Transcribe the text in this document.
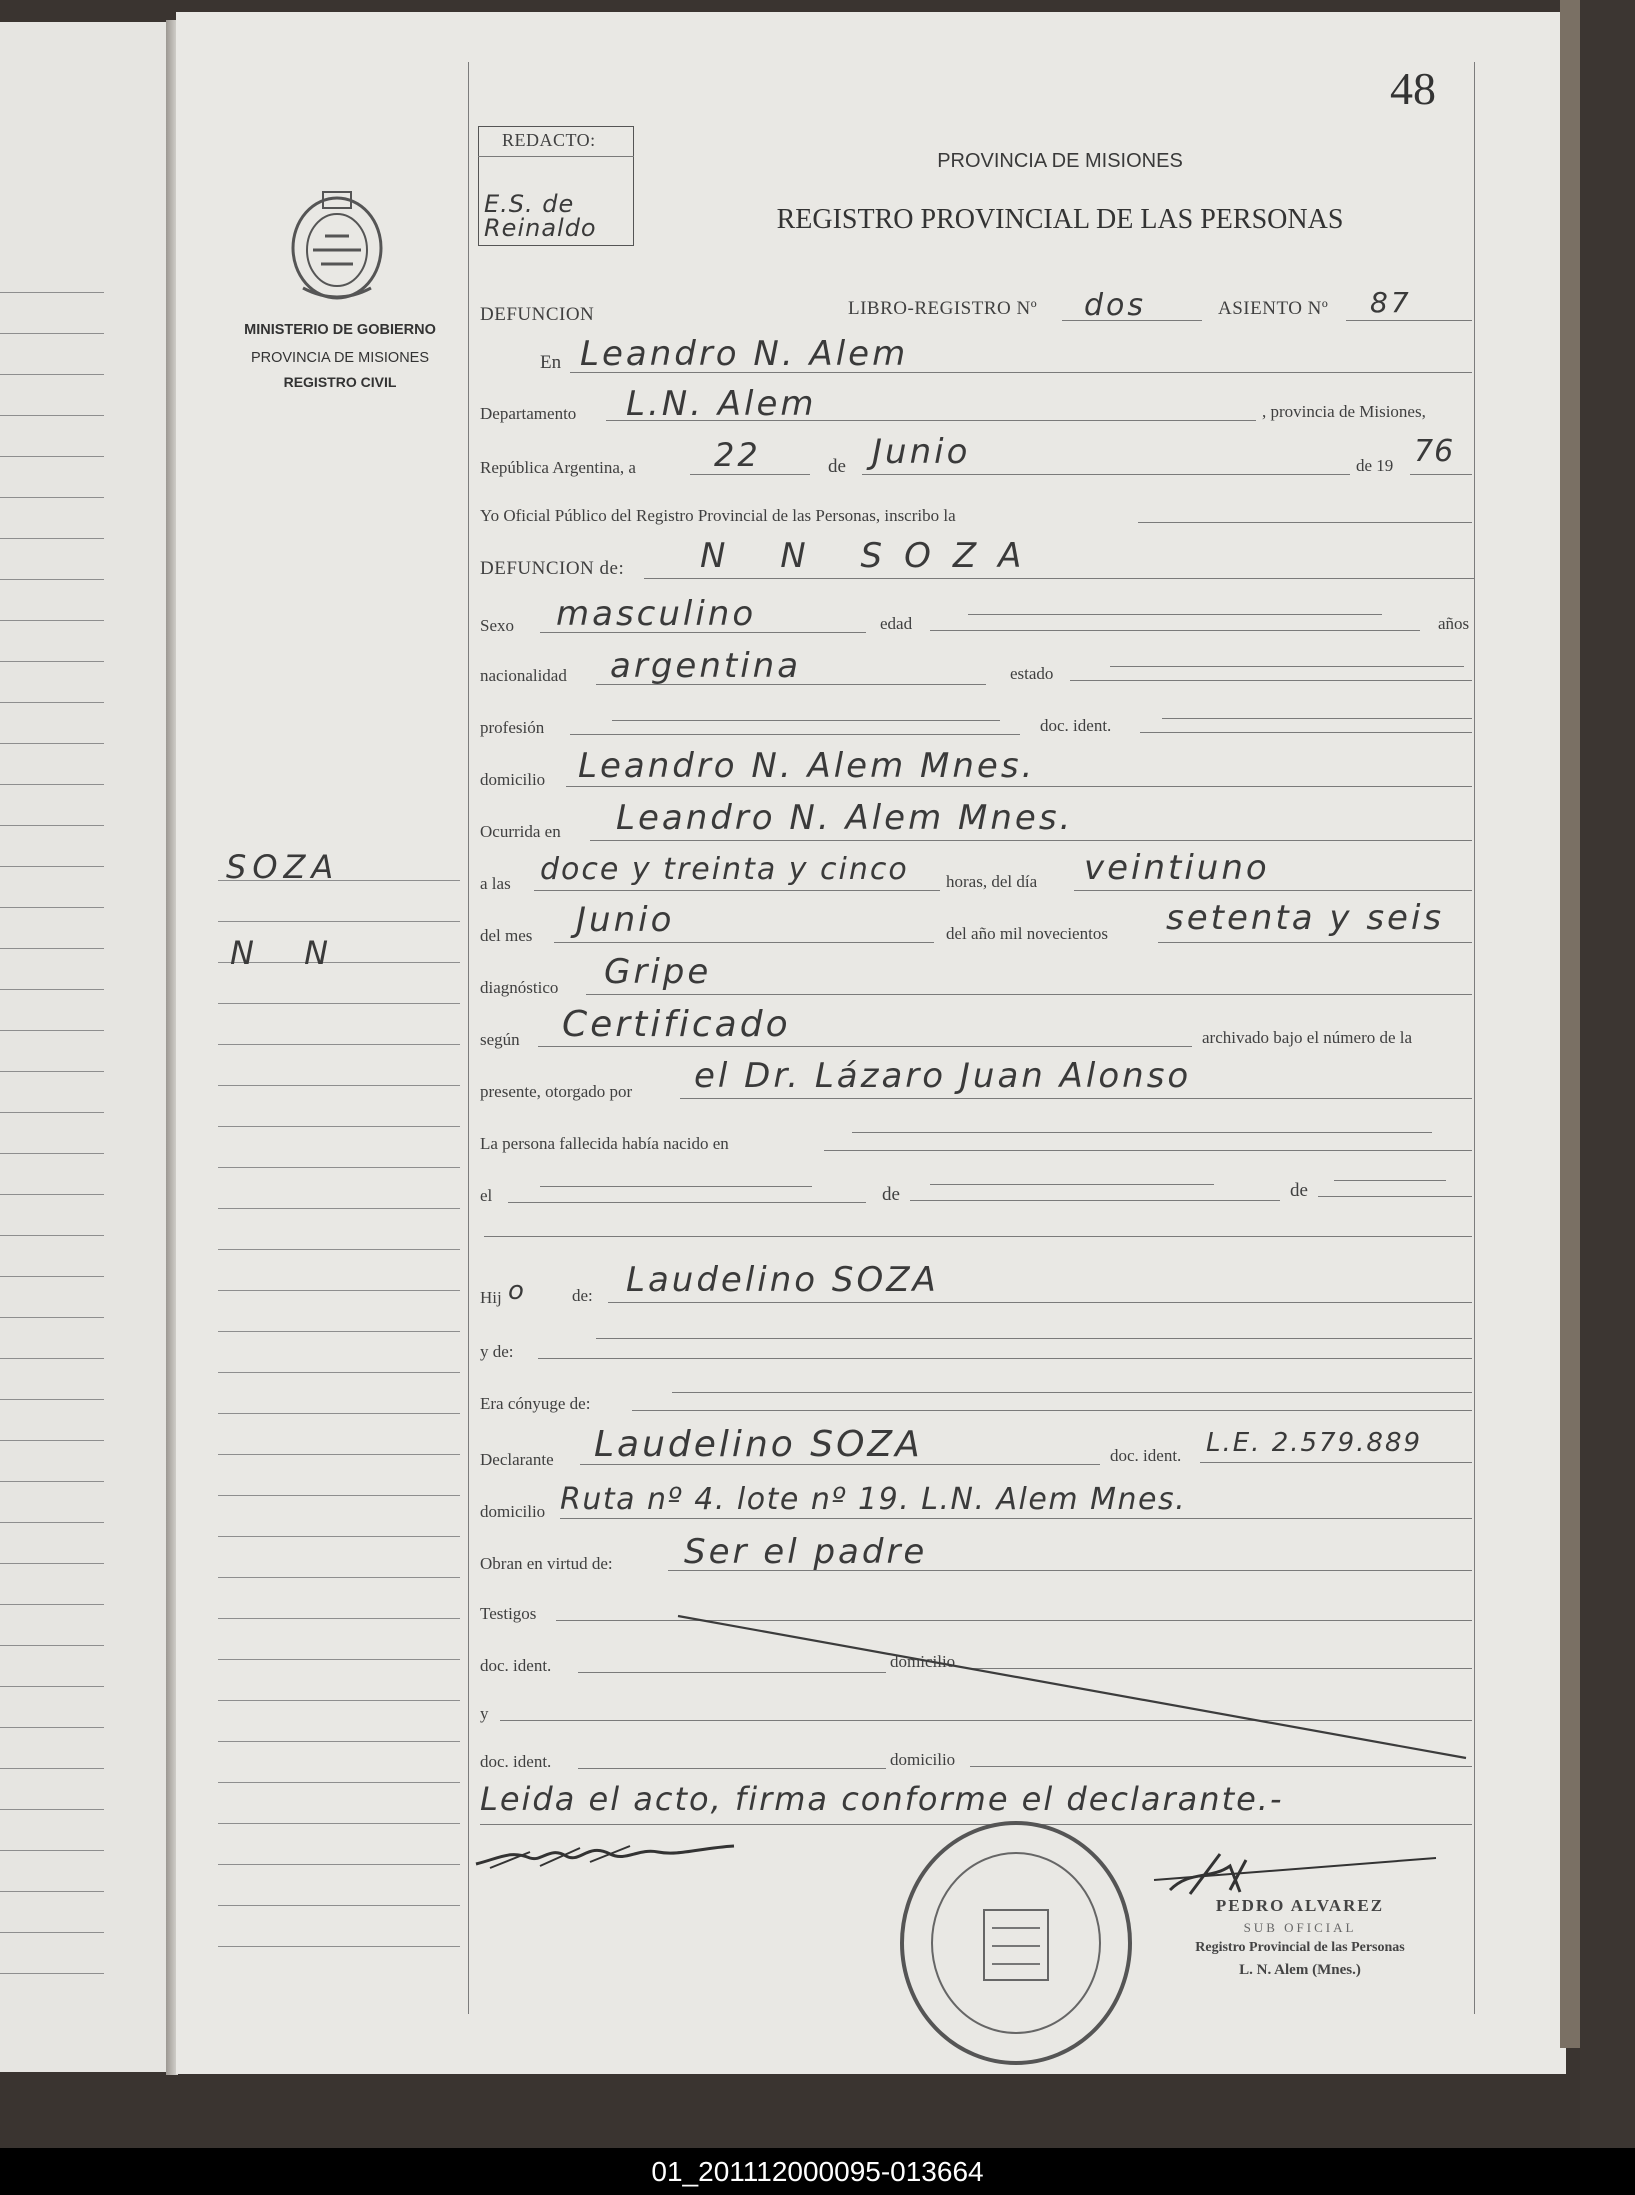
48
REDACTO:
E.S. de Reinaldo
MINISTERIO DE GOBIERNO
PROVINCIA DE MISIONES
REGISTRO CIVIL
PROVINCIA DE MISIONES
REGISTRO PROVINCIAL DE LAS PERSONAS
SOZA
N N
DEFUNCION	LIBRO-REGISTRO Nº dos	ASIENTO Nº 87
En Leandro N. Alem
Departamento L.N. Alem	, provincia de Misiones,
República Argentina, a 22	de Junio	de 19 76
Yo Oficial Público del Registro Provincial de las Personas, inscribo la
DEFUNCION de: N N SOZA
Sexo masculino	edad	años
nacionalidad argentina	estado
profesión	doc. ident.
domicilio Leandro N. Alem Mnes.
Ocurrida en Leandro N. Alem Mnes.
a las doce y treinta y cinco horas, del día veintiuno
del mes Junio	del año mil novecientos setenta y seis
diagnóstico Gripe
según Certificado	archivado bajo el número de la
presente, otorgado por el Dr. Lázaro Juan Alonso
La persona fallecida había nacido en
el	de	de
Hij o	de: Laudelino SOZA
y de:
Era cónyuge de:
Declarante Laudelino SOZA	doc. ident. L.E. 2.579.889
domicilio Ruta nº 4. lote nº 19. L.N. Alem Mnes.
Obran en virtud de: Ser el padre
Testigos
doc. ident.	domicilio
y
doc. ident.	domicilio
Leida el acto, firma conforme el declarante.-
PEDRO ALVAREZ
SUB OFICIAL
Registro Provincial de las Personas
L. N. Alem (Mnes.)
01_201112000095-013664
